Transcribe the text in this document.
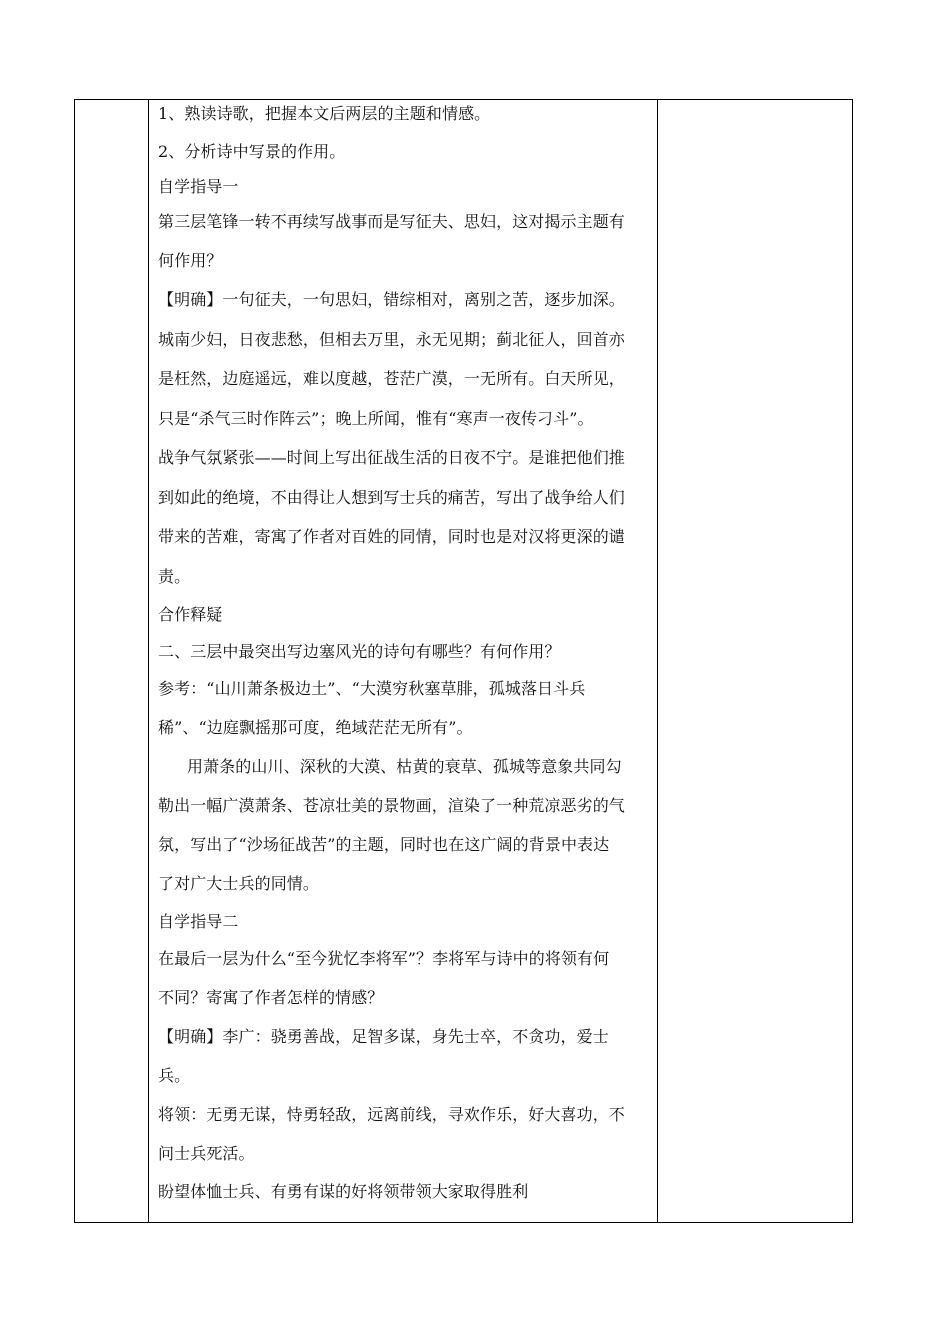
1、熟读诗歌，把握本文后两层的主题和情感。
2、分析诗中写景的作用。
自学指导一
第三层笔锋一转不再续写战事而是写征夫、思妇，这对揭示主题有
何作用？
【明确】一句征夫，一句思妇，错综相对，离别之苦，逐步加深。
城南少妇，日夜悲愁，但相去万里，永无见期；蓟北征人，回首亦
是枉然，边庭遥远，难以度越，苍茫广漠，一无所有。白天所见，
只是“杀气三时作阵云”；晚上所闻，惟有“寒声一夜传刁斗”。
战争气氛紧张——时间上写出征战生活的日夜不宁。是谁把他们推
到如此的绝境，不由得让人想到写士兵的痛苦，写出了战争给人们
带来的苦难，寄寓了作者对百姓的同情，同时也是对汉将更深的谴
责。
合作释疑
二、三层中最突出写边塞风光的诗句有哪些？有何作用？
参考：“山川萧条极边土”、“大漠穷秋塞草腓，孤城落日斗兵
稀”、“边庭飘摇那可度，绝域茫茫无所有”。
用萧条的山川、深秋的大漠、枯黄的衰草、孤城等意象共同勾
勒出一幅广漠萧条、苍凉壮美的景物画，渲染了一种荒凉恶劣的气
氛，写出了“沙场征战苦”的主题，同时也在这广阔的背景中表达
了对广大士兵的同情。
自学指导二
在最后一层为什么“至今犹忆李将军”？李将军与诗中的将领有何
不同？寄寓了作者怎样的情感？
【明确】李广：骁勇善战，足智多谋，身先士卒，不贪功，爱士
兵。
将领：无勇无谋，恃勇轻敌，远离前线，寻欢作乐，好大喜功，不
问士兵死活。
盼望体恤士兵、有勇有谋的好将领带领大家取得胜利
